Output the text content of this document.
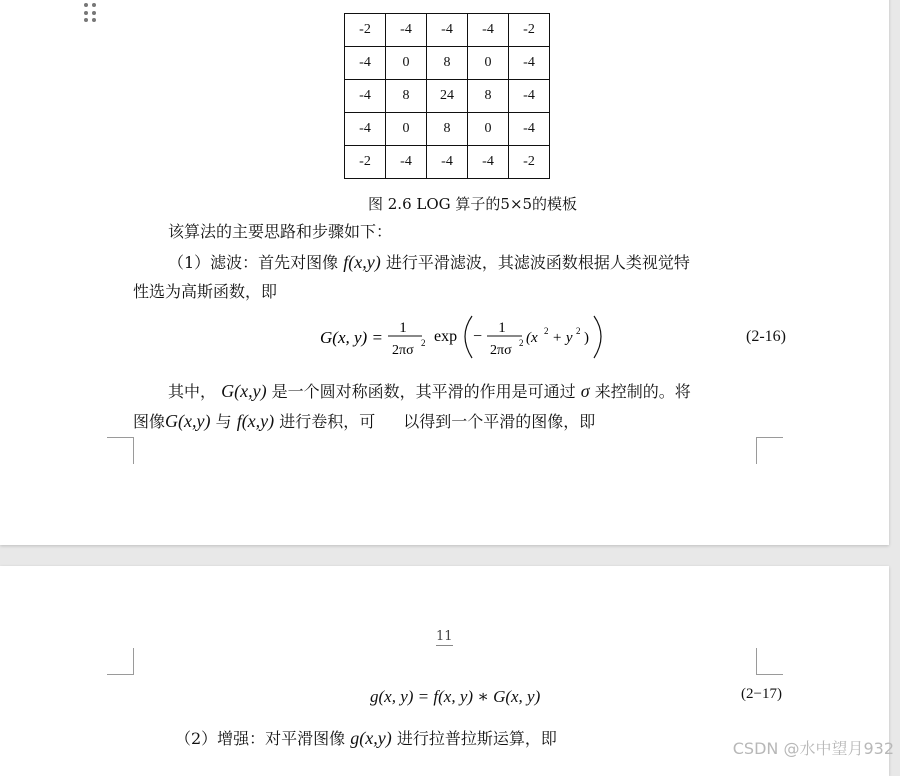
-2	-4	-4	-4	-2
-4	0	8	0	-4
-4	8	24	8	-4
-4	0	8	0	-4
-2	-4	-4	-4	-2
图 2.6 LOG 算子的5×5的模板
该算法的主要思路和步骤如下：
（1）滤波：首先对图像 f(x,y) 进行平滑滤波，其滤波函数根据人类视觉特
性选为高斯函数，即
G(x, y) = 1
2πσ 2 exp − 1
2πσ 2 (x 2 + y 2 )	(2-16)
其中， G(x,y) 是一个圆对称函数，其平滑的作用是可通过 σ 来控制的。将
图像G(x,y) 与 f(x,y) 进行卷积，可 以得到一个平滑的图像，即
11
g(x, y) = f(x, y) ∗ G(x, y)	(2−17)
（2）增强：对平滑图像 g(x,y) 进行拉普拉斯运算，即
CSDN @水中望月932
